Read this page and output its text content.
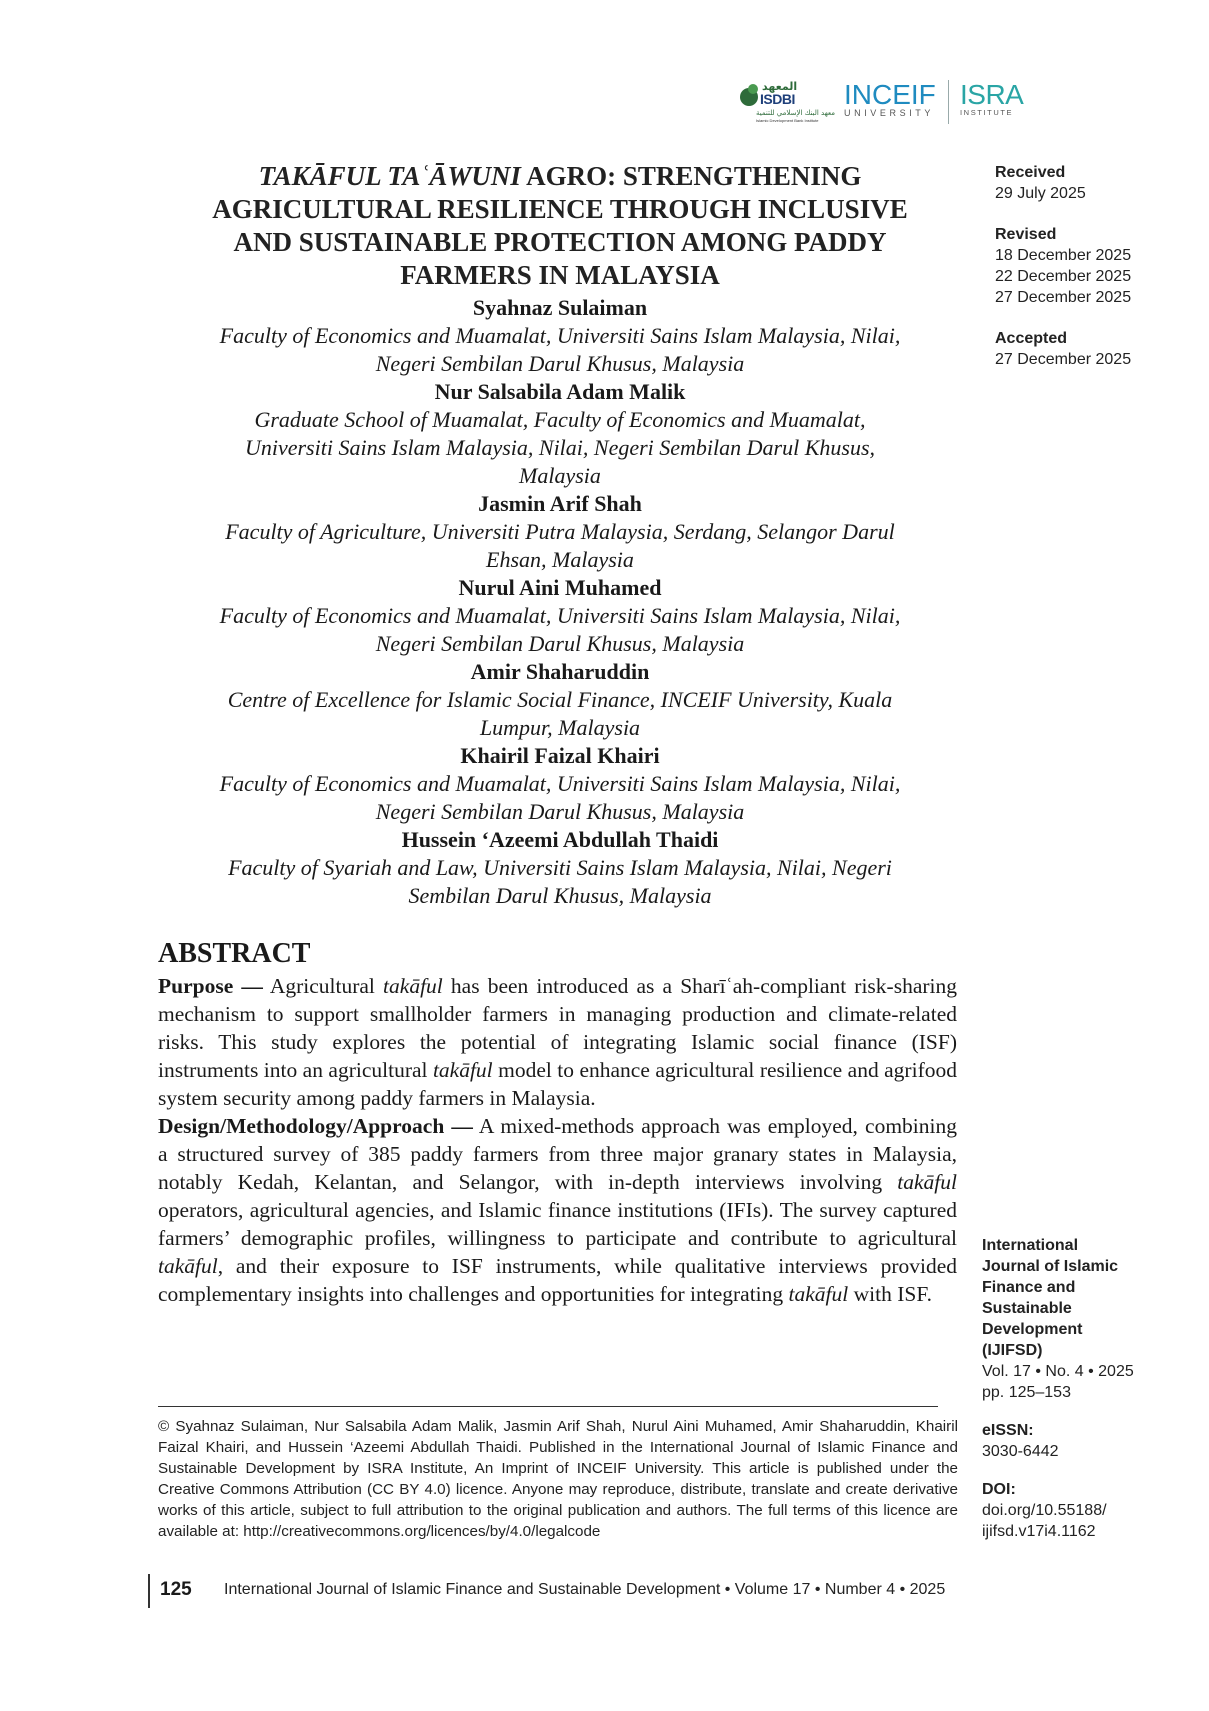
المعهد
ISDBI
معهد البنك الإسلامي للتنمية
Islamic Development Bank Institute
INCEIF
UNIVERSITY
ISRA
INSTITUTE
TAKĀFUL TAʿĀWUNI AGRO: STRENGTHENING
AGRICULTURAL RESILIENCE THROUGH INCLUSIVE
AND SUSTAINABLE PROTECTION AMONG PADDY
FARMERS IN MALAYSIA
Syahnaz Sulaiman
Faculty of Economics and Muamalat, Universiti Sains Islam Malaysia, Nilai,
Negeri Sembilan Darul Khusus, Malaysia
Nur Salsabila Adam Malik
Graduate School of Muamalat, Faculty of Economics and Muamalat,
Universiti Sains Islam Malaysia, Nilai, Negeri Sembilan Darul Khusus,
Malaysia
Jasmin Arif Shah
Faculty of Agriculture, Universiti Putra Malaysia, Serdang, Selangor Darul
Ehsan, Malaysia
Nurul Aini Muhamed
Faculty of Economics and Muamalat, Universiti Sains Islam Malaysia, Nilai,
Negeri Sembilan Darul Khusus, Malaysia
Amir Shaharuddin
Centre of Excellence for Islamic Social Finance, INCEIF University, Kuala
Lumpur, Malaysia
Khairil Faizal Khairi
Faculty of Economics and Muamalat, Universiti Sains Islam Malaysia, Nilai,
Negeri Sembilan Darul Khusus, Malaysia
Hussein ‘Azeemi Abdullah Thaidi
Faculty of Syariah and Law, Universiti Sains Islam Malaysia, Nilai, Negeri
Sembilan Darul Khusus, Malaysia
Received
29 July 2025
Revised
18 December 2025
22 December 2025
27 December 2025
Accepted
27 December 2025
ABSTRACT

Purpose — Agricultural takāful has been introduced as a Sharīʿah-compliant risk-sharing mechanism to support smallholder farmers in managing production and climate-related risks. This study explores the potential of integrating Islamic social finance (ISF) instruments into an agricultural takāful model to enhance agricultural resilience and agrifood system security among paddy farmers in Malaysia.

Design/Methodology/Approach — A mixed-methods approach was employed, combining a structured survey of 385 paddy farmers from three major granary states in Malaysia, notably Kedah, Kelantan, and Selangor, with in-depth interviews involving takāful operators, agricultural agencies, and Islamic finance institutions (IFIs). The survey captured farmers’ demographic profiles, willingness to participate and contribute to agricultural takāful, and their exposure to ISF instruments, while qualitative interviews provided complementary insights into challenges and opportunities for integrating takāful with ISF.

International
Journal of Islamic
Finance and
Sustainable
Development
(IJIFSD)
Vol. 17 • No. 4 • 2025
pp. 125–153
eISSN:
3030-6442
DOI:
doi.org/10.55188/
ijifsd.v17i4.1162
© Syahnaz Sulaiman, Nur Salsabila Adam Malik, Jasmin Arif Shah, Nurul Aini Muhamed, Amir Shaharuddin, Khairil Faizal Khairi, and Hussein ‘Azeemi Abdullah Thaidi. Published in the International Journal of Islamic Finance and Sustainable Development by ISRA Institute, An Imprint of INCEIF University. This article is published under the Creative Commons Attribution (CC BY 4.0) licence. Anyone may reproduce, distribute, translate and create derivative works of this article, subject to full attribution to the original publication and authors. The full terms of this licence are available at: http://creativecommons.org/licences/by/4.0/legalcode
125 International Journal of Islamic Finance and Sustainable Development • Volume 17 • Number 4 • 2025
